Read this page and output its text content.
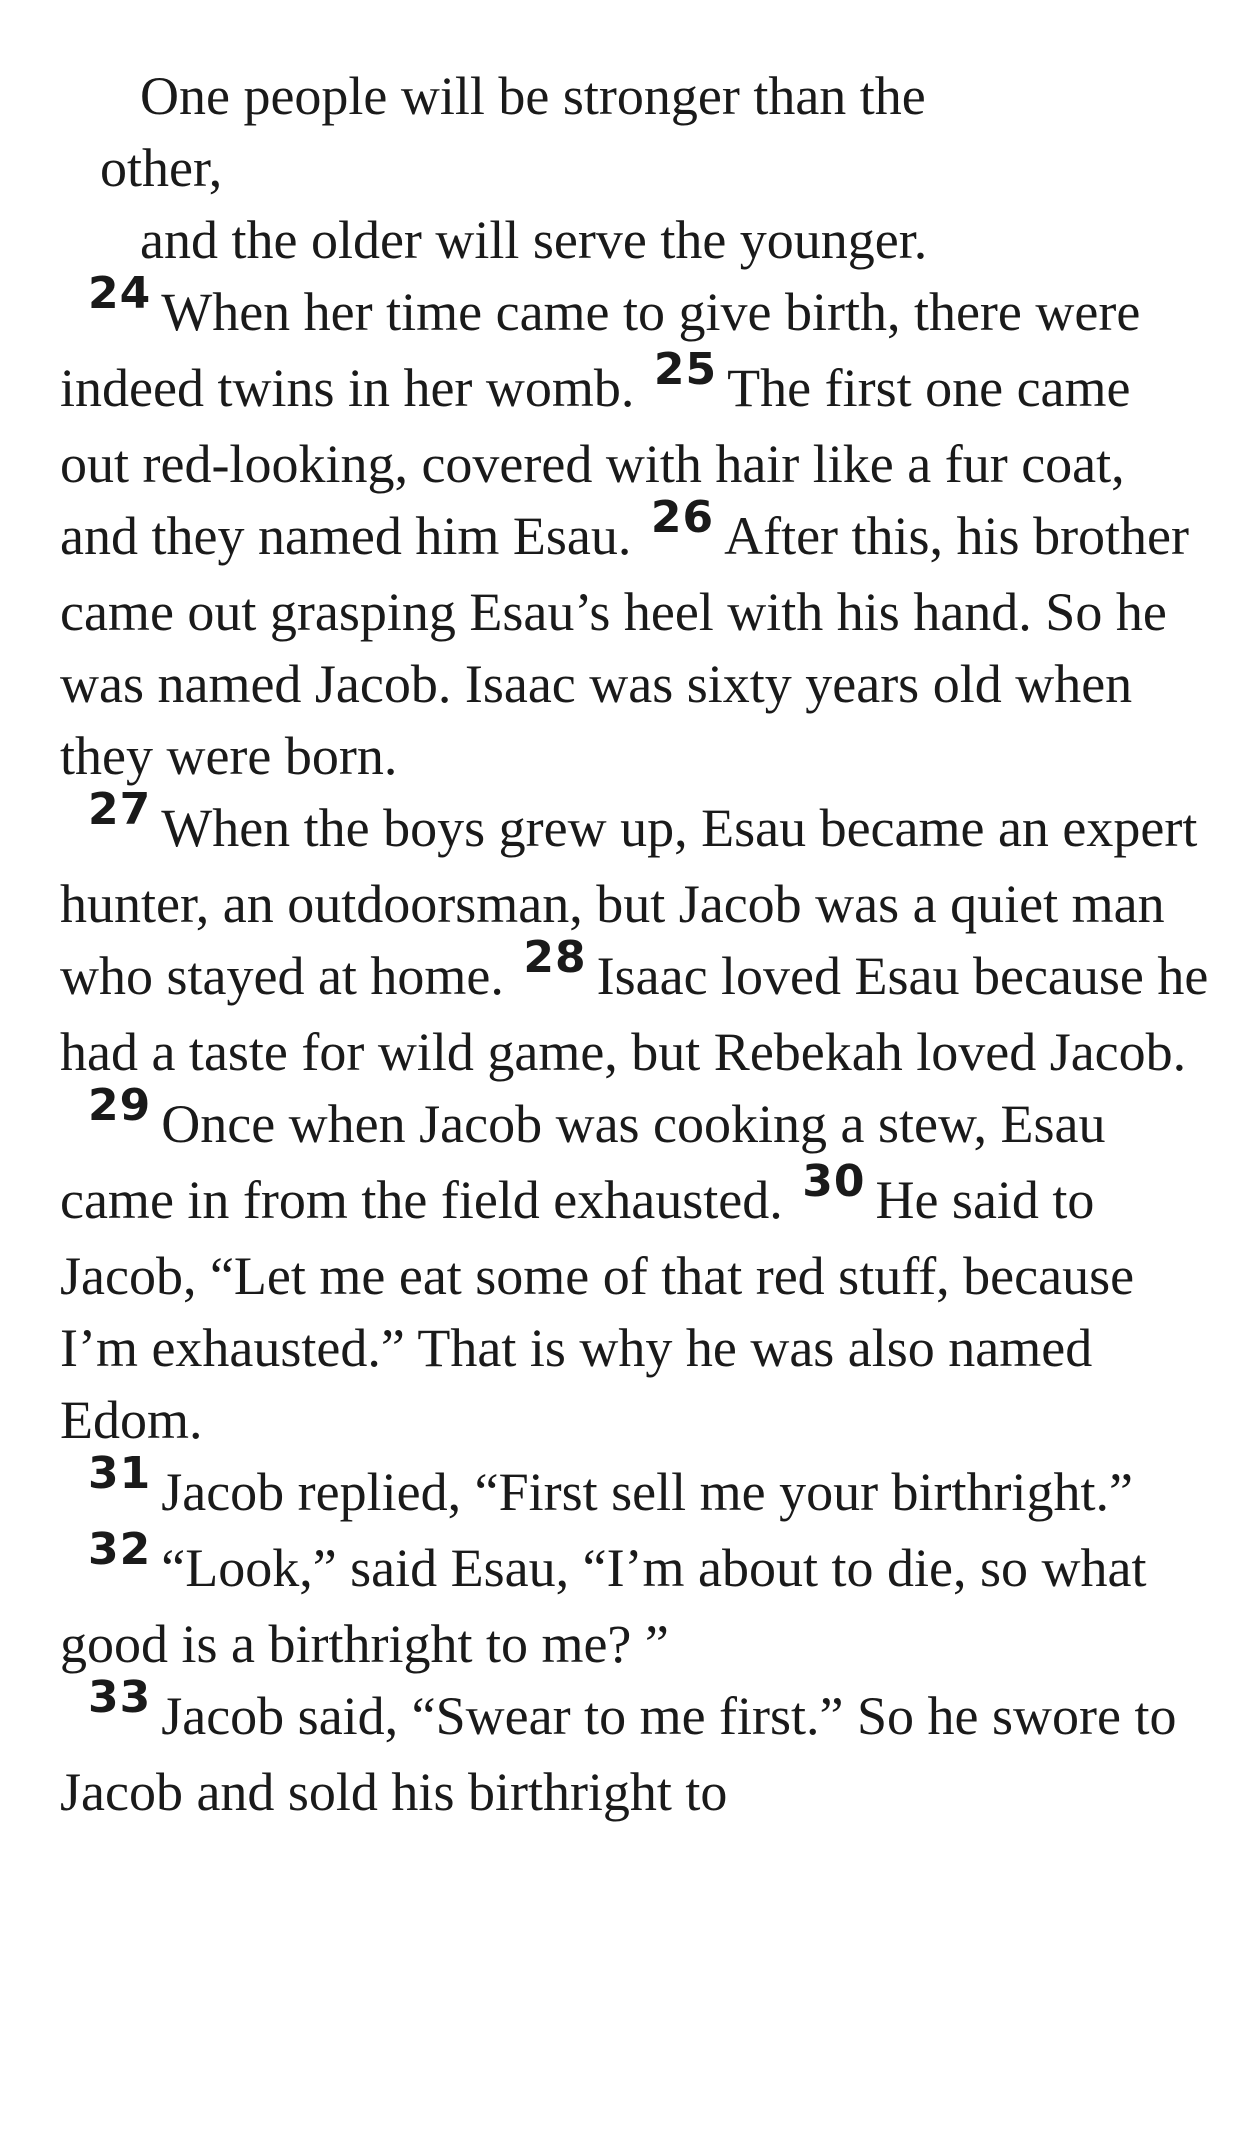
One people will be stronger than the
other,
and the older will serve the younger.
$^{24}$ When her time came to give birth, there were indeed twins in her womb. $^{25}$ The first one came out red-looking, covered with hair like a fur coat, and they named him Esau. $^{26}$ After this, his brother came out grasping Esau’s heel with his hand. So he was named Jacob. Isaac was sixty years old when they were born.
$^{27}$ When the boys grew up, Esau became an expert hunter, an outdoorsman, but Jacob was a quiet man who stayed at home. $^{28}$ Isaac loved Esau because he had a taste for wild game, but Rebekah loved Jacob.
$^{29}$ Once when Jacob was cooking a stew, Esau came in from the field exhausted. $^{30}$ He said to Jacob, “Let me eat some of that red stuff, because I’m exhausted.” That is why he was also named Edom.
$^{31}$ Jacob replied, “First sell me your birthright.”
$^{32}$ “Look,” said Esau, “I’m about to die, so what good is a birthright to me? ”
$^{33}$ Jacob said, “Swear to me first.” So he swore to Jacob and sold his birthright to
